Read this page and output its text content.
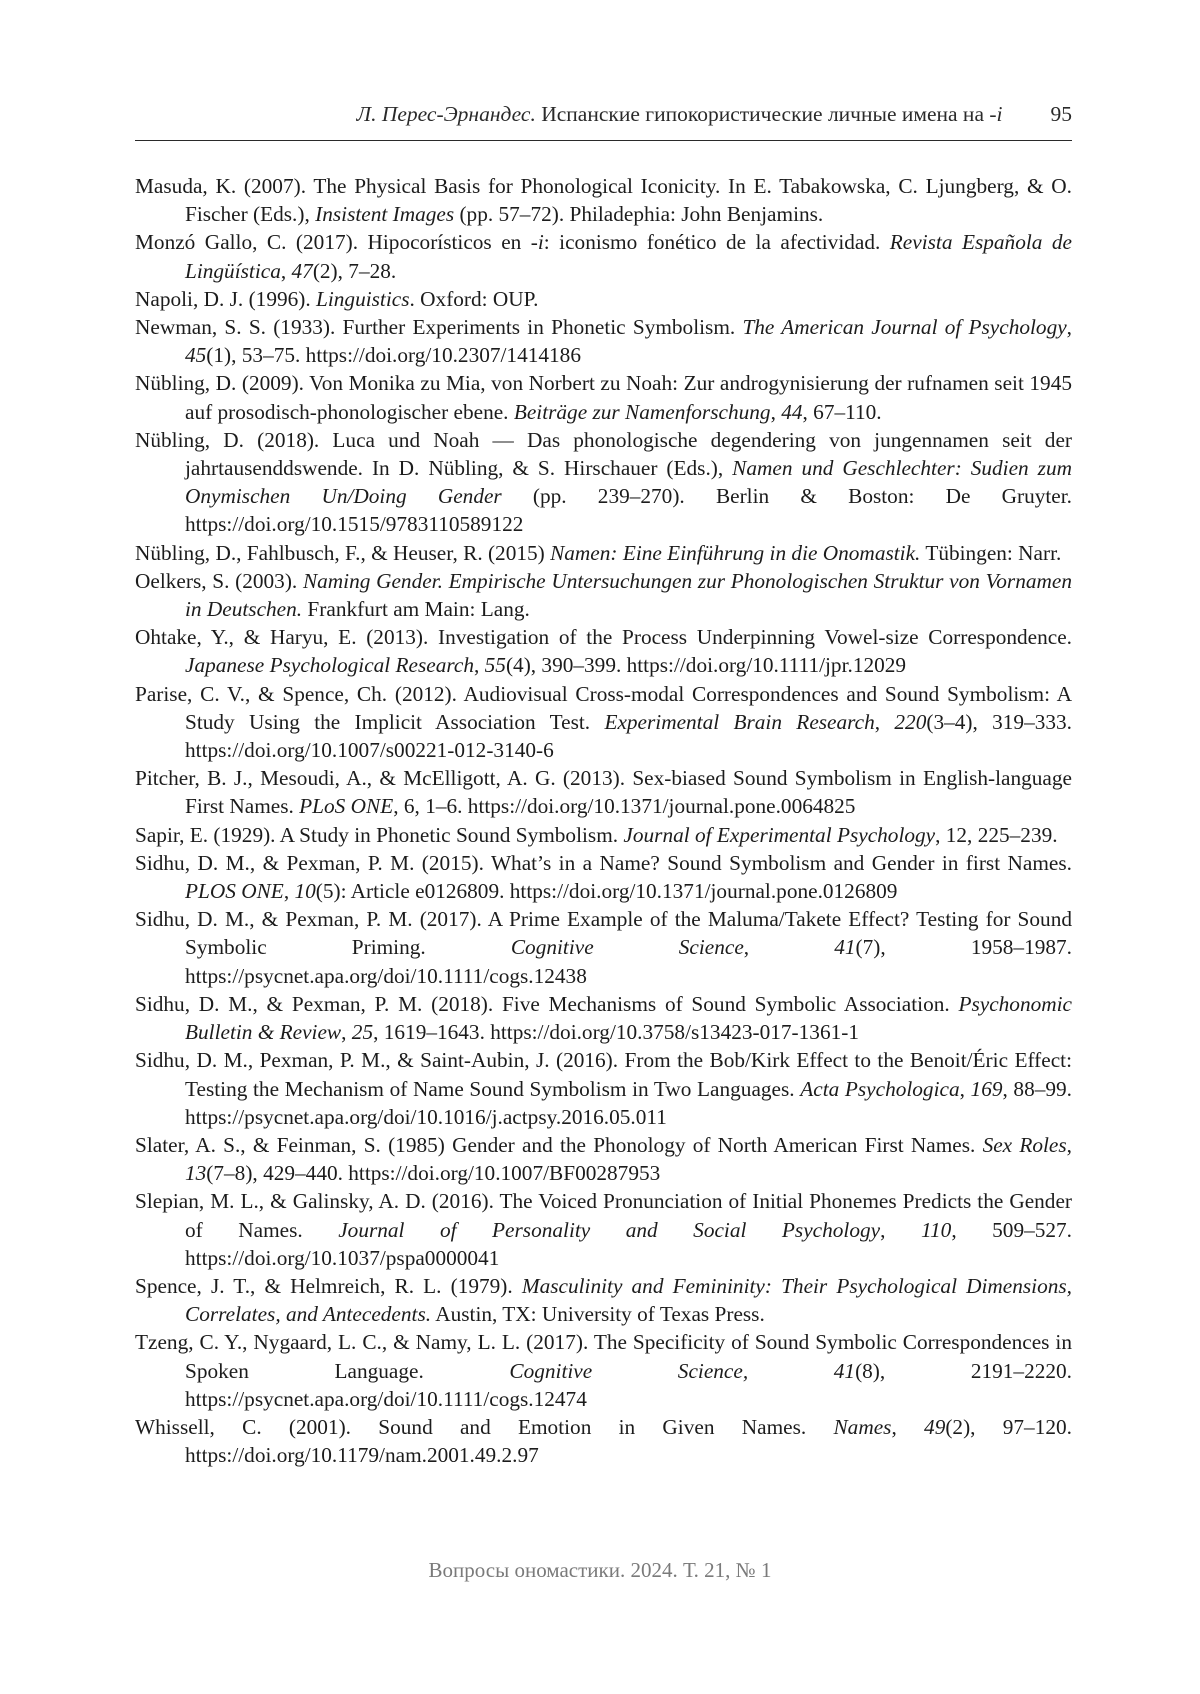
Л. Перес-Эрнандес. Испанские гипокористические личные имена на -i 95

Masuda, K. (2007). The Physical Basis for Phonological Iconicity. In E. Tabakowska, C. Ljungberg, & O. Fischer (Eds.), Insistent Images (pp. 57–72). Philadephia: John Benjamins.

Monzó Gallo, C. (2017). Hipocorísticos en -i: iconismo fonético de la afectividad. Revista Española de Lingüística, 47(2), 7–28.

Napoli, D. J. (1996). Linguistics. Oxford: OUP.

Newman, S. S. (1933). Further Experiments in Phonetic Symbolism. The American Journal of Psychology, 45(1), 53–75. https://doi.org/10.2307/1414186

Nübling, D. (2009). Von Monika zu Mia, von Norbert zu Noah: Zur androgynisierung der rufnamen seit 1945 auf prosodisch-phonologischer ebene. Beiträge zur Namenforschung, 44, 67–110.

Nübling, D. (2018). Luca und Noah — Das phonologische degendering von jungennamen seit der jahrtausenddswende. In D. Nübling, & S. Hirschauer (Eds.), Namen und Geschlechter: Sudien zum Onymischen Un/Doing Gender (pp. 239–270). Berlin & Boston: De Gruyter. https://doi.org/10.1515/9783110589122

Nübling, D., Fahlbusch, F., & Heuser, R. (2015) Namen: Eine Einführung in die Onomastik. Tübingen: Narr.

Oelkers, S. (2003). Naming Gender. Empirische Untersuchungen zur Phonologischen Struktur von Vornamen in Deutschen. Frankfurt am Main: Lang.

Ohtake, Y., & Haryu, E. (2013). Investigation of the Process Underpinning Vowel-size Correspondence. Japanese Psychological Research, 55(4), 390–399. https://doi.org/10.1111/jpr.12029

Parise, C. V., & Spence, Ch. (2012). Audiovisual Cross-modal Correspondences and Sound Symbolism: A Study Using the Implicit Association Test. Experimental Brain Research, 220(3–4), 319–333. https://doi.org/10.1007/s00221-012-3140-6

Pitcher, B. J., Mesoudi, A., & McElligott, A. G. (2013). Sex-biased Sound Symbolism in English-language First Names. PLoS ONE, 6, 1–6. https://doi.org/10.1371/journal.pone.0064825

Sapir, E. (1929). A Study in Phonetic Sound Symbolism. Journal of Experimental Psychology, 12, 225–239.

Sidhu, D. M., & Pexman, P. M. (2015). What’s in a Name? Sound Symbolism and Gender in first Names. PLOS ONE, 10(5): Article e0126809. https://doi.org/10.1371/journal.pone.0126809

Sidhu, D. M., & Pexman, P. M. (2017). A Prime Example of the Maluma/Takete Effect? Testing for Sound Symbolic Priming. Cognitive Science, 41(7), 1958–1987. https://psycnet.apa.org/doi/10.1111/cogs.12438

Sidhu, D. M., & Pexman, P. M. (2018). Five Mechanisms of Sound Symbolic Association. Psychonomic Bulletin & Review, 25, 1619–1643. https://doi.org/10.3758/s13423-017-1361-1

Sidhu, D. M., Pexman, P. M., & Saint-Aubin, J. (2016). From the Bob/Kirk Effect to the Benoit/Éric Effect: Testing the Mechanism of Name Sound Symbolism in Two Languages. Acta Psychologica, 169, 88–99. https://psycnet.apa.org/doi/10.1016/j.actpsy.2016.05.011

Slater, A. S., & Feinman, S. (1985) Gender and the Phonology of North American First Names. Sex Roles, 13(7–8), 429–440. https://doi.org/10.1007/BF00287953

Slepian, M. L., & Galinsky, A. D. (2016). The Voiced Pronunciation of Initial Phonemes Predicts the Gender of Names. Journal of Personality and Social Psychology, 110, 509–527. https://doi.org/10.1037/pspa0000041

Spence, J. T., & Helmreich, R. L. (1979). Masculinity and Femininity: Their Psychological Dimensions, Correlates, and Antecedents. Austin, TX: University of Texas Press.

Tzeng, C. Y., Nygaard, L. C., & Namy, L. L. (2017). The Specificity of Sound Symbolic Correspondences in Spoken Language. Cognitive Science, 41(8), 2191–2220. https://psycnet.apa.org/doi/10.1111/cogs.12474

Whissell, C. (2001). Sound and Emotion in Given Names. Names, 49(2), 97–120. https://doi.org/10.1179/nam.2001.49.2.97

Вопросы ономастики. 2024. Т. 21, № 1
